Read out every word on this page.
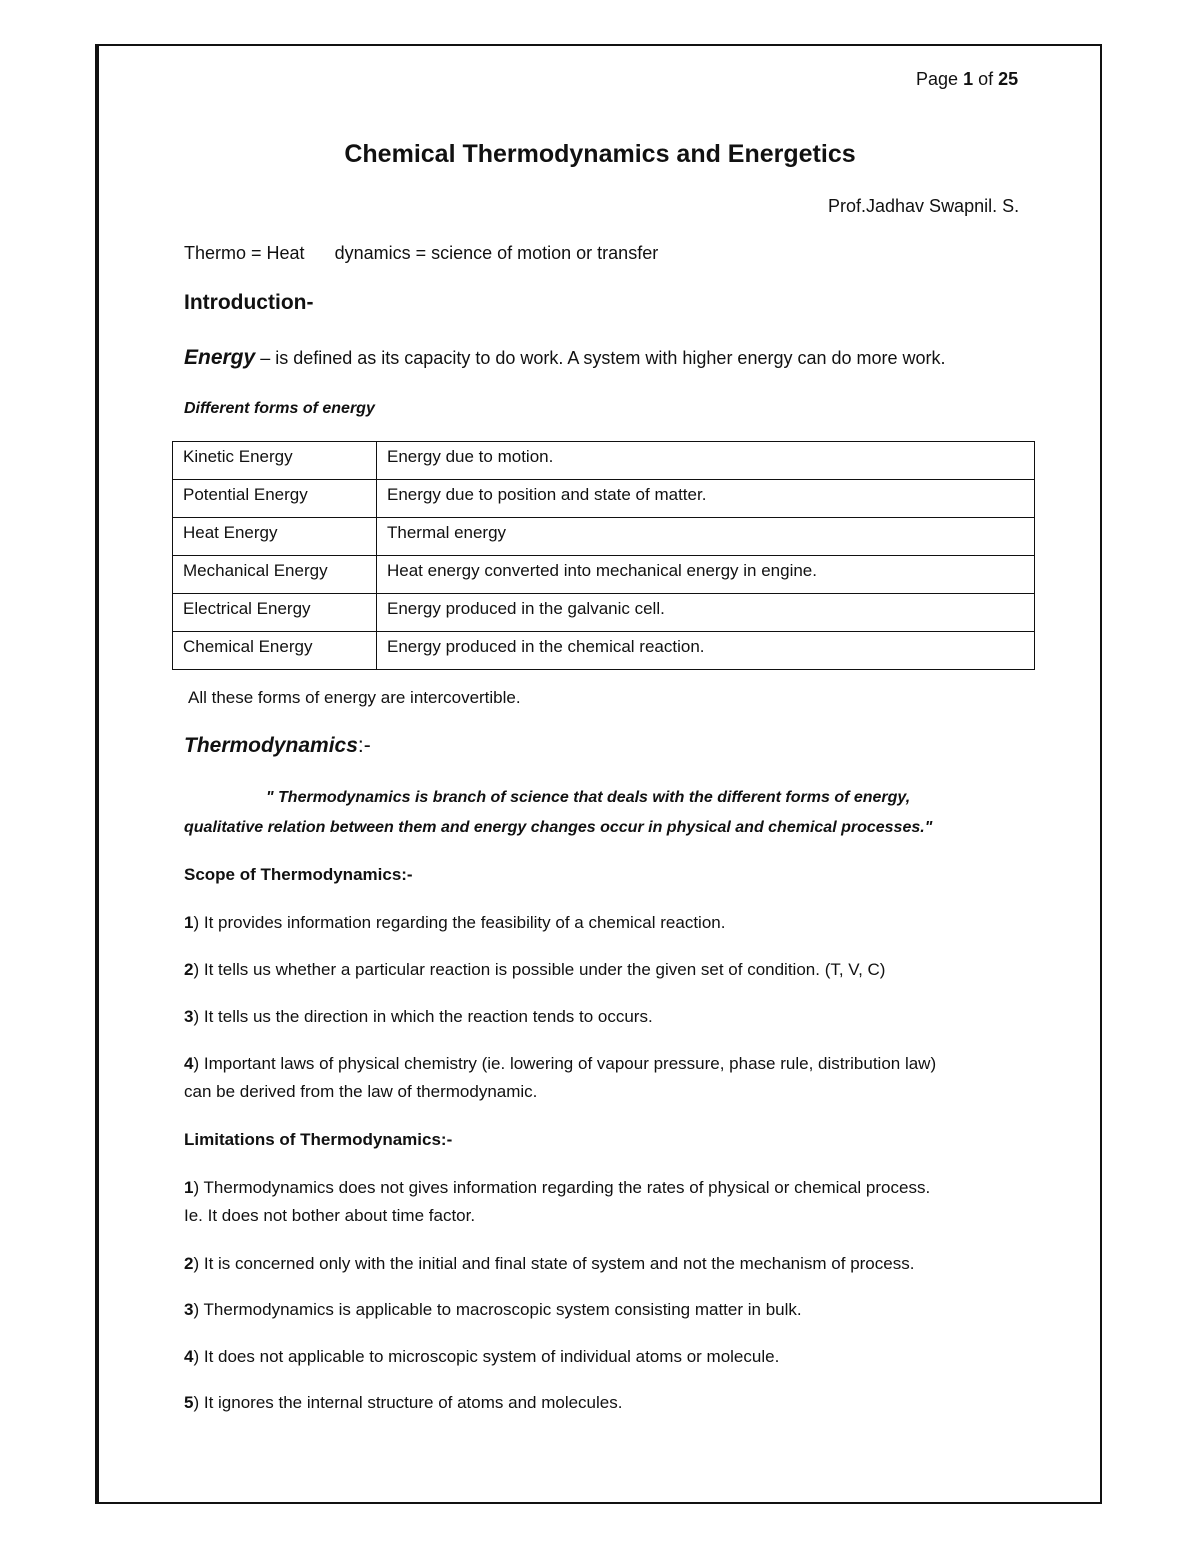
Page 1 of 25
Chemical Thermodynamics and Energetics
Prof.Jadhav Swapnil. S.
Thermo = Heat dynamics = science of motion or transfer
Introduction-
Energy – is defined as its capacity to do work. A system with higher energy can do more work.
Different forms of energy
Kinetic Energy	Energy due to motion.
Potential Energy	Energy due to position and state of matter.
Heat Energy	Thermal energy
Mechanical Energy	Heat energy converted into mechanical energy in engine.
Electrical Energy	Energy produced in the galvanic cell.
Chemical Energy	Energy produced in the chemical reaction.
All these forms of energy are intercovertible.
Thermodynamics:-
" Thermodynamics is branch of science that deals with the different forms of energy,
qualitative relation between them and energy changes occur in physical and chemical processes."
Scope of Thermodynamics:-
1) It provides information regarding the feasibility of a chemical reaction.
2) It tells us whether a particular reaction is possible under the given set of condition. (T, V, C)
3) It tells us the direction in which the reaction tends to occurs.
4) Important laws of physical chemistry (ie. lowering of vapour pressure, phase rule, distribution law)
can be derived from the law of thermodynamic.
Limitations of Thermodynamics:-
1) Thermodynamics does not gives information regarding the rates of physical or chemical process.
Ie. It does not bother about time factor.
2) It is concerned only with the initial and final state of system and not the mechanism of process.
3) Thermodynamics is applicable to macroscopic system consisting matter in bulk.
4) It does not applicable to microscopic system of individual atoms or molecule.
5) It ignores the internal structure of atoms and molecules.
